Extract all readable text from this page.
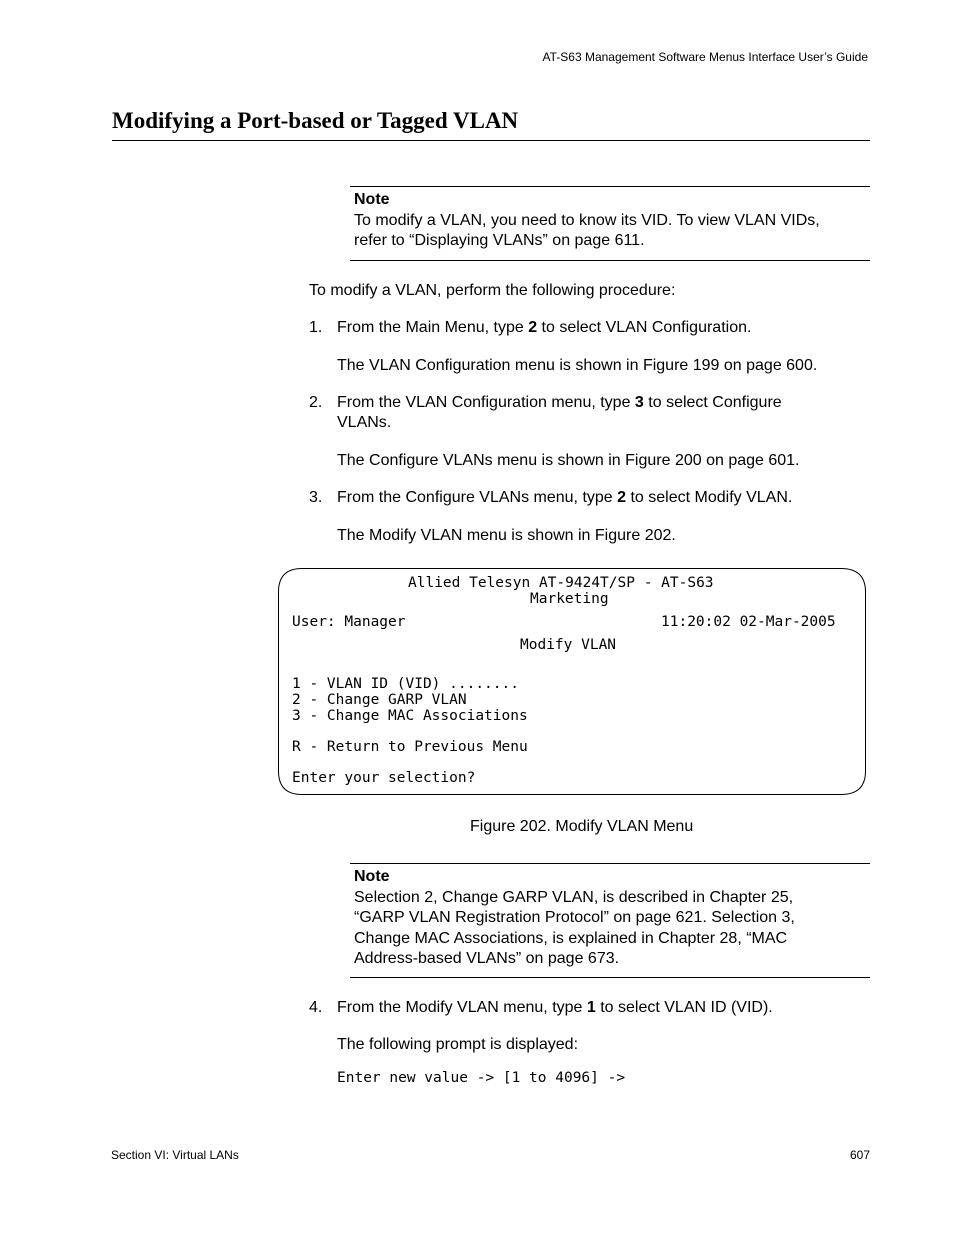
AT-S63 Management Software Menus Interface User’s Guide
Modifying a Port-based or Tagged VLAN
Note
To modify a VLAN, you need to know its VID. To view VLAN VIDs,
refer to “Displaying VLANs” on page 611.
To modify a VLAN, perform the following procedure:
1. From the Main Menu, type 2 to select VLAN Configuration.
The VLAN Configuration menu is shown in Figure 199 on page 600.
2. From the VLAN Configuration menu, type 3 to select Configure
VLANs.
The Configure VLANs menu is shown in Figure 200 on page 601.
3. From the Configure VLANs menu, type 2 to select Modify VLAN.
The Modify VLAN menu is shown in Figure 202.
Allied Telesyn AT-9424T/SP - AT-S63
Marketing
User: Manager	11:20:02 02-Mar-2005
Modify VLAN
1 - VLAN ID (VID) ........
2 - Change GARP VLAN
3 - Change MAC Associations
R - Return to Previous Menu
Enter your selection?
Figure 202. Modify VLAN Menu
Note
Selection 2, Change GARP VLAN, is described in Chapter 25,
“GARP VLAN Registration Protocol” on page 621. Selection 3,
Change MAC Associations, is explained in Chapter 28, “MAC
Address-based VLANs” on page 673.
4. From the Modify VLAN menu, type 1 to select VLAN ID (VID).
The following prompt is displayed:
Enter new value -> [1 to 4096] ->
Section VI: Virtual LANs	607
